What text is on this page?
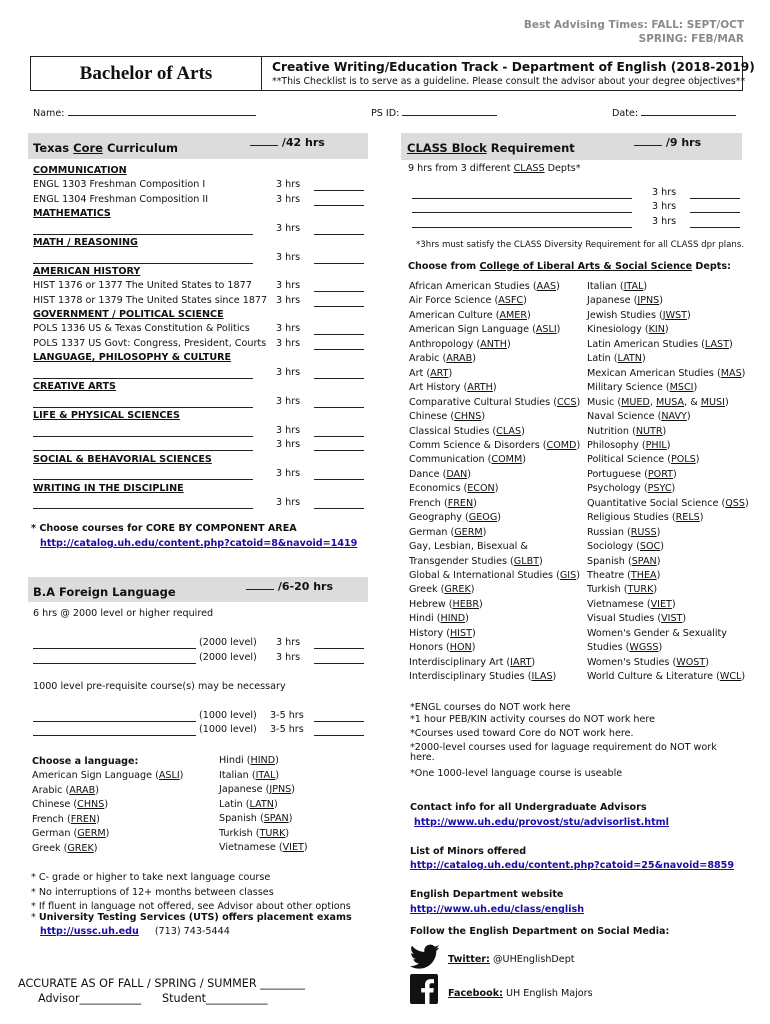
Best Advising Times: FALL: SEPT/OCT
SPRING: FEB/MAR
Bachelor of Arts	Creative Writing/Education Track - Department of English (2018-2019)
**This Checklist is to serve as a guideline. Please consult the advisor about your degree objectives**
Name:	PS ID:	Date:
Texas Core Curriculum	/42 hrs
COMMUNICATION
ENGL 1303 Freshman Composition I	3 hrs
ENGL 1304 Freshman Composition II	3 hrs
MATHEMATICS
3 hrs
MATH / REASONING
3 hrs
AMERICAN HISTORY
HIST 1376 or 1377 The United States to 1877	3 hrs
HIST 1378 or 1379 The United States since 1877 3 hrs
GOVERNMENT / POLITICAL SCIENCE
POLS 1336 US & Texas Constitution & Politics	3 hrs
POLS 1337 US Govt: Congress, President, Courts 3 hrs
LANGUAGE, PHILOSOPHY & CULTURE
3 hrs
CREATIVE ARTS
3 hrs
LIFE & PHYSICAL SCIENCES
3 hrs
3 hrs
SOCIAL & BEHAVORIAL SCIENCES
3 hrs
WRITING IN THE DISCIPLINE
3 hrs
* Choose courses for CORE BY COMPONENT AREA
http://catalog.uh.edu/content.php?catoid=8&navoid=1419
B.A Foreign Language	/6-20 hrs
6 hrs @ 2000 level or higher required
(2000 level) 3 hrs
(2000 level) 3 hrs
(1000 level) 3-5 hrs
(1000 level) 3-5 hrs
1000 level pre-requisite course(s) may be necessary
Choose a language:
American Sign Language (ASLI)
Arabic (ARAB)
Chinese (CHNS)
French (FREN)
German (GERM)
Greek (GREK)
Hindi (HIND)
Italian (ITAL)
Japanese (JPNS)
Latin (LATN)
Spanish (SPAN)
Turkish (TURK)
Vietnamese (VIET)
* C- grade or higher to take next language course
* No interruptions of 12+ months between classes
* If fluent in language not offered, see Advisor about other options
* University Testing Services (UTS) offers placement exams
http://ussc.uh.edu (713) 743-5444
ACCURATE AS OF FALL / SPRING / SUMMER ________
Advisor___________ Student___________
CLASS Block Requirement	/9 hrs
9 hrs from 3 different CLASS Depts*
3 hrs
3 hrs
3 hrs
*3hrs must satisfy the CLASS Diversity Requirement for all CLASS dpr plans.
Choose from College of Liberal Arts & Social Science Depts:
African American Studies (AAS)
Air Force Science (ASFC)
American Culture (AMER)
American Sign Language (ASLI)
Anthropology (ANTH)
Arabic (ARAB)
Art (ART)
Art History (ARTH)
Comparative Cultural Studies (CCS)
Chinese (CHNS)
Classical Studies (CLAS)
Comm Science & Disorders (COMD)
Communication (COMM)
Dance (DAN)
Economics (ECON)
French (FREN)
Geography (GEOG)
German (GERM)
Gay, Lesbian, Bisexual &
Transgender Studies (GLBT)
Global & International Studies (GIS)
Greek (GREK)
Hebrew (HEBR)
Hindi (HIND)
History (HIST)
Honors (HON)
Interdisciplinary Art (IART)
Interdisciplinary Studies (ILAS)
Italian (ITAL)
Japanese (JPNS)
Jewish Studies (JWST)
Kinesiology (KIN)
Latin American Studies (LAST)
Latin (LATN)
Mexican American Studies (MAS)
Military Science (MSCI)
Music (MUED, MUSA, & MUSI)
Naval Science (NAVY)
Nutrition (NUTR)
Philosophy (PHIL)
Political Science (POLS)
Portuguese (PORT)
Psychology (PSYC)
Quantitative Social Science (QSS)
Religious Studies (RELS)
Russian (RUSS)
Sociology (SOC)
Spanish (SPAN)
Theatre (THEA)
Turkish (TURK)
Vietnamese (VIET)
Visual Studies (VIST)
Women's Gender & Sexuality
Studies (WGSS)
Women's Studies (WOST)
World Culture & Literature (WCL)
*ENGL courses do NOT work here
*1 hour PEB/KIN activity courses do NOT work here
*Courses used toward Core do NOT work here.
*2000-level courses used for laguage requirement do NOT work
here.
*One 1000-level language course is useable
Contact info for all Undergraduate Advisors
http://www.uh.edu/provost/stu/advisorlist.html
List of Minors offered
http://catalog.uh.edu/content.php?catoid=25&navoid=8859
English Department website
http://www.uh.edu/class/english
Follow the English Department on Social Media:
Twitter: @UHEnglishDept
Facebook: UH English Majors
